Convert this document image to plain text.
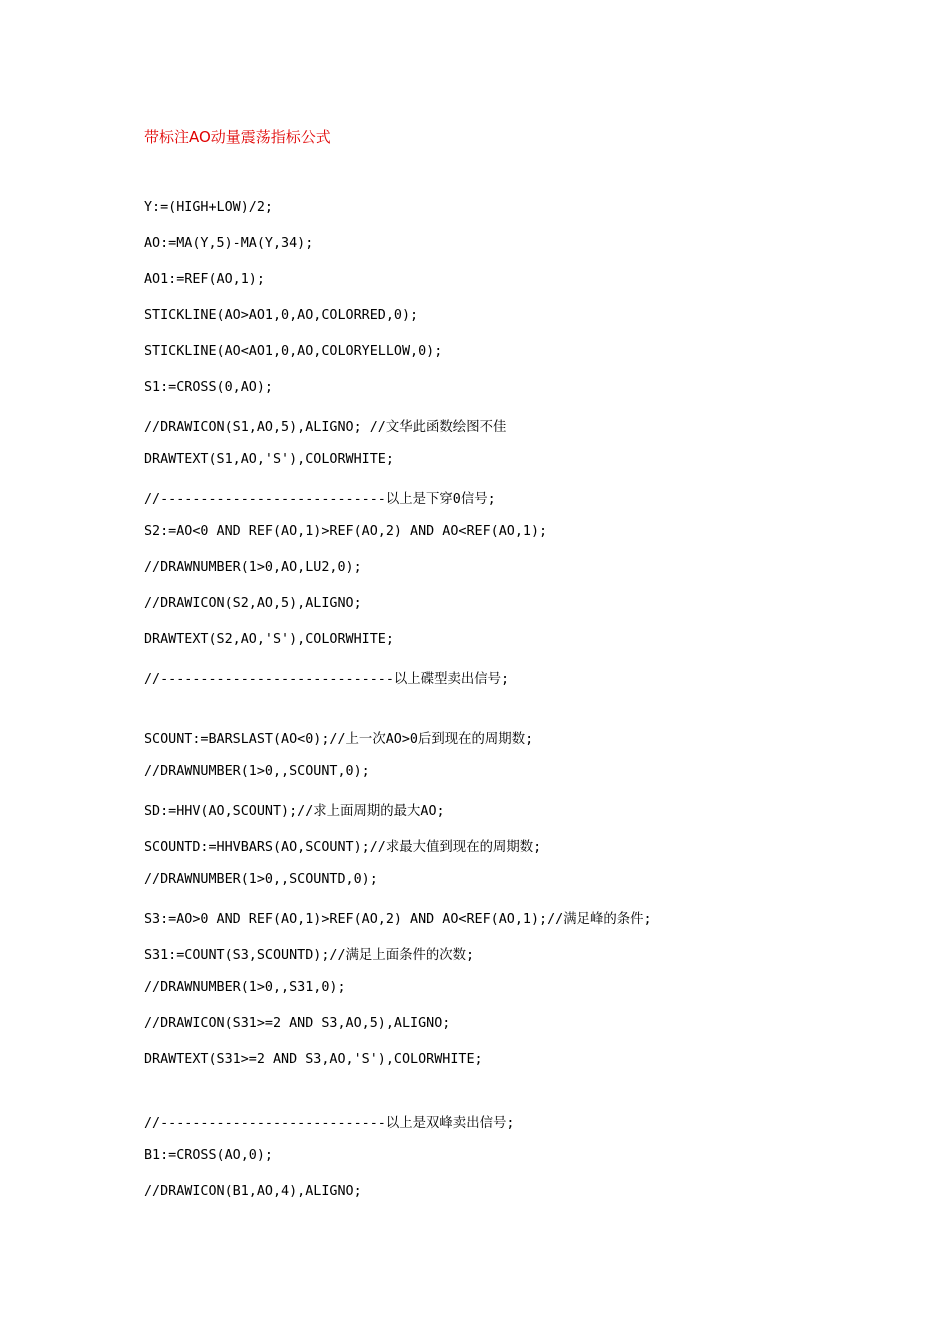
带标注AO动量震荡指标公式
Y:=(HIGH+LOW)/2;
AO:=MA(Y,5)-MA(Y,34);
AO1:=REF(AO,1);
STICKLINE(AO>AO1,0,AO,COLORRED,0);
STICKLINE(AO<AO1,0,AO,COLORYELLOW,0);
S1:=CROSS(0,AO);
//DRAWICON(S1,AO,5),ALIGNO; //文华此函数绘图不佳
DRAWTEXT(S1,AO,'S'),COLORWHITE;
//----------------------------以上是下穿0信号;
S2:=AO<0 AND REF(AO,1)>REF(AO,2) AND AO<REF(AO,1);
//DRAWNUMBER(1>0,AO,LU2,0);
//DRAWICON(S2,AO,5),ALIGNO;
DRAWTEXT(S2,AO,'S'),COLORWHITE;
//-----------------------------以上碟型卖出信号;
SCOUNT:=BARSLAST(AO<0);//上一次AO>0后到现在的周期数;
//DRAWNUMBER(1>0,,SCOUNT,0);
SD:=HHV(AO,SCOUNT);//求上面周期的最大AO;
SCOUNTD:=HHVBARS(AO,SCOUNT);//求最大值到现在的周期数;
//DRAWNUMBER(1>0,,SCOUNTD,0);
S3:=AO>0 AND REF(AO,1)>REF(AO,2) AND AO<REF(AO,1);//满足峰的条件;
S31:=COUNT(S3,SCOUNTD);//满足上面条件的次数;
//DRAWNUMBER(1>0,,S31,0);
//DRAWICON(S31>=2 AND S3,AO,5),ALIGNO;
DRAWTEXT(S31>=2 AND S3,AO,'S'),COLORWHITE;
//----------------------------以上是双峰卖出信号;
B1:=CROSS(AO,0);
//DRAWICON(B1,AO,4),ALIGNO;
